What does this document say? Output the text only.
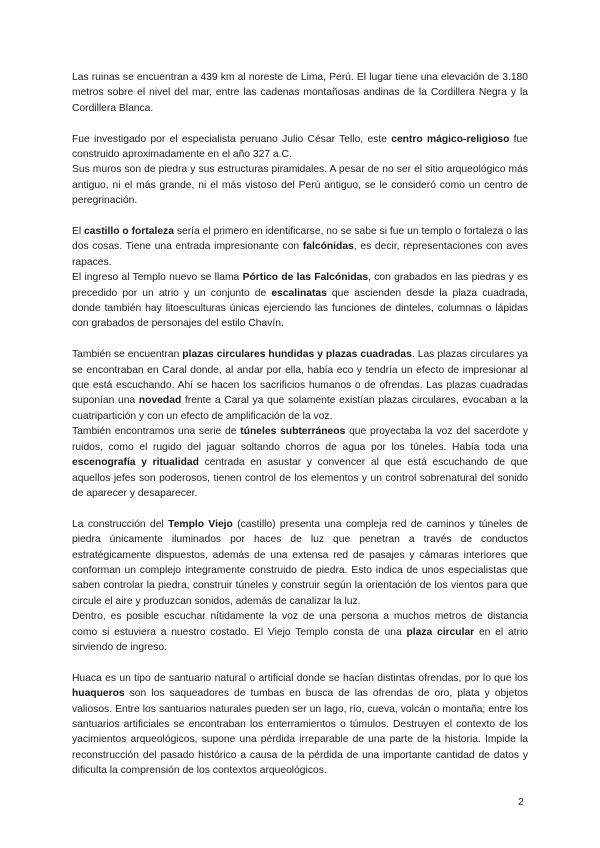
Las ruinas se encuentran a 439 km al noreste de Lima, Perú. El lugar tiene una elevación de 3.180 metros sobre el nivel del mar, entre las cadenas montañosas andinas de la Cordillera Negra y la Cordillera Blanca.

Fue investigado por el especialista peruano Julio César Tello, este centro mágico-religioso fue construido aproximadamente en el año 327 a.C.

Sus muros son de piedra y sus estructuras piramidales. A pesar de no ser el sitio arqueológico más antiguo, ni el más grande, ni el más vistoso del Perú antiguo, se le consideró como un centro de peregrinación.

El castillo o fortaleza sería el primero en identificarse, no se sabe si fue un templo o fortaleza o las dos cosas. Tiene una entrada impresionante con falcónidas, es decir, representaciones con aves rapaces.

El ingreso al Templo nuevo se llama Pórtico de las Falcónidas, con grabados en las piedras y es precedido por un atrio y un conjunto de escalinatas que ascienden desde la plaza cuadrada, donde también hay litoesculturas únicas ejerciendo las funciones de dinteles, columnas o lápidas con grabados de personajes del estilo Chavín.

También se encuentran plazas circulares hundidas y plazas cuadradas. Las plazas circulares ya se encontraban en Caral donde, al andar por ella, había eco y tendría un efecto de impresionar al que está escuchando. Ahí se hacen los sacrificios humanos o de ofrendas. Las plazas cuadradas suponían una novedad frente a Caral ya que solamente existían plazas circulares, evocaban a la cuatripartición y con un efecto de amplificación de la voz.

También encontramos una serie de túneles subterráneos que proyectaba la voz del sacerdote y ruidos, como el rugido del jaguar soltando chorros de agua por los túneles. Había toda una escenografía y ritualidad centrada en asustar y convencer al que está escuchando de que aquellos jefes son poderosos, tienen control de los elementos y un control sobrenatural del sonido de aparecer y desaparecer.

La construcción del Templo Viejo (castillo) presenta una compleja red de caminos y túneles de piedra únicamente iluminados por haces de luz que penetran a través de conductos estratégicamente dispuestos, además de una extensa red de pasajes y cámaras interiores que conforman un complejo íntegramente construido de piedra. Esto indica de unos especialistas que saben controlar la piedra, construir túneles y construir según la orientación de los vientos para que circule el aire y produzcan sonidos, además de canalizar la luz.

Dentro, es posible escuchar nítidamente la voz de una persona a muchos metros de distancia como si estuviera a nuestro costado. El Viejo Templo consta de una plaza circular en el atrio sirviendo de ingreso.

Huaca es un tipo de santuario natural o artificial donde se hacían distintas ofrendas, por lo que los huaqueros son los saqueadores de tumbas en busca de las ofrendas de oro, plata y objetos valiosos. Entre los santuarios naturales pueden ser un lago, río, cueva, volcán o montaña; entre los santuarios artificiales se encontraban los enterramientos o túmulos. Destruyen el contexto de los yacimientos arqueológicos, supone una pérdida irreparable de una parte de la historia. Impide la reconstrucción del pasado histórico a causa de la pérdida de una importante cantidad de datos y dificulta la comprensión de los contextos arqueológicos.

2
